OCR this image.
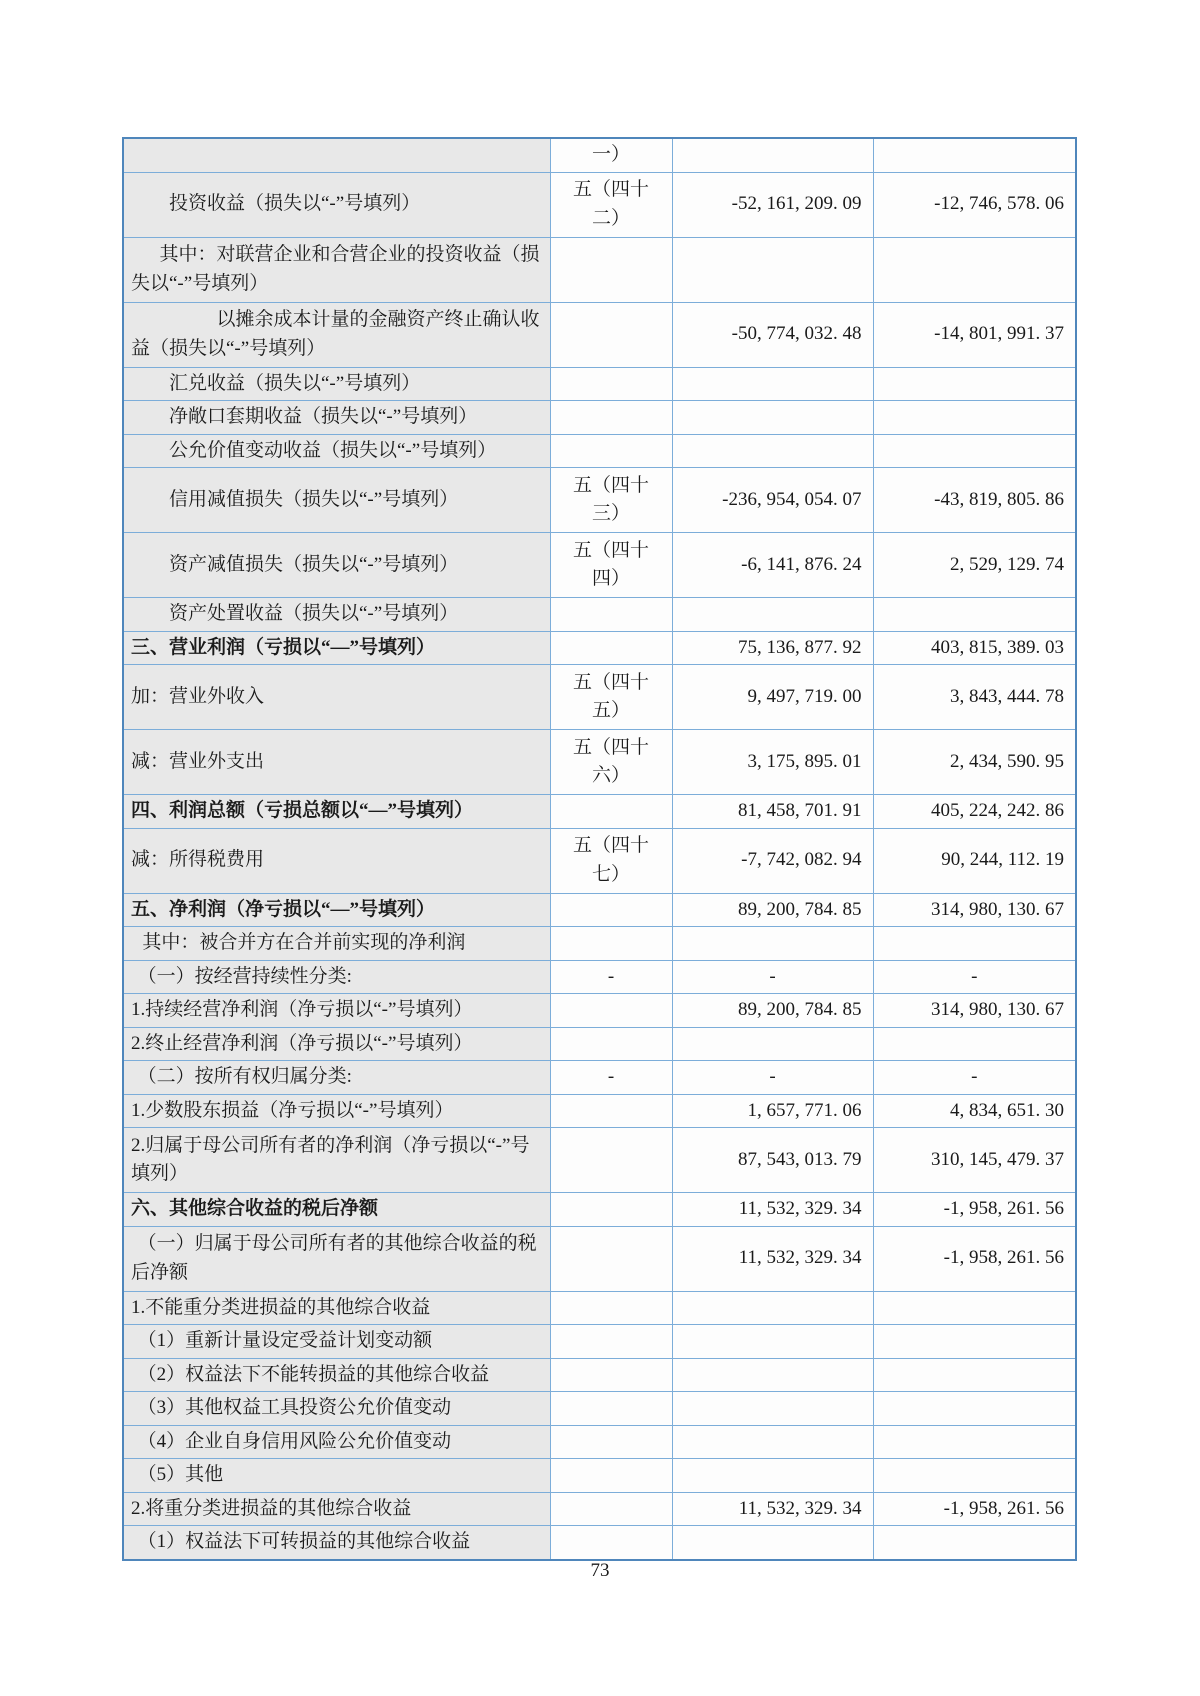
	一）		
投资收益（损失以“-”号填列）	五（四十二）	-52, 161, 209. 09	-12, 746, 578. 06
其中：对联营企业和合营企业的投资收益（损失以“-”号填列）			
以摊余成本计量的金融资产终止确认收益（损失以“-”号填列）		-50, 774, 032. 48	-14, 801, 991. 37
汇兑收益（损失以“-”号填列）			
净敞口套期收益（损失以“-”号填列）			
公允价值变动收益（损失以“-”号填列）			
信用减值损失（损失以“-”号填列）	五（四十三）	-236, 954, 054. 07	-43, 819, 805. 86
资产减值损失（损失以“-”号填列）	五（四十四）	-6, 141, 876. 24	2, 529, 129. 74
资产处置收益（损失以“-”号填列）			
三、营业利润（亏损以“—”号填列）		75, 136, 877. 92	403, 815, 389. 03
加：营业外收入	五（四十五）	9, 497, 719. 00	3, 843, 444. 78
减：营业外支出	五（四十六）	3, 175, 895. 01	2, 434, 590. 95
四、利润总额（亏损总额以“—”号填列）		81, 458, 701. 91	405, 224, 242. 86
减：所得税费用	五（四十七）	-7, 742, 082. 94	90, 244, 112. 19
五、净利润（净亏损以“—”号填列）		89, 200, 784. 85	314, 980, 130. 67
其中：被合并方在合并前实现的净利润			
（一）按经营持续性分类:	-	-	-
1.持续经营净利润（净亏损以“-”号填列）		89, 200, 784. 85	314, 980, 130. 67
2.终止经营净利润（净亏损以“-”号填列）			
（二）按所有权归属分类:	-	-	-
1.少数股东损益（净亏损以“-”号填列）		1, 657, 771. 06	4, 834, 651. 30
2.归属于母公司所有者的净利润（净亏损以“-”号填列）		87, 543, 013. 79	310, 145, 479. 37
六、其他综合收益的税后净额		11, 532, 329. 34	-1, 958, 261. 56
（一）归属于母公司所有者的其他综合收益的税后净额		11, 532, 329. 34	-1, 958, 261. 56
1.不能重分类进损益的其他综合收益			
（1）重新计量设定受益计划变动额			
（2）权益法下不能转损益的其他综合收益			
（3）其他权益工具投资公允价值变动			
（4）企业自身信用风险公允价值变动			
（5）其他			
2.将重分类进损益的其他综合收益		11, 532, 329. 34	-1, 958, 261. 56
（1）权益法下可转损益的其他综合收益			
73
